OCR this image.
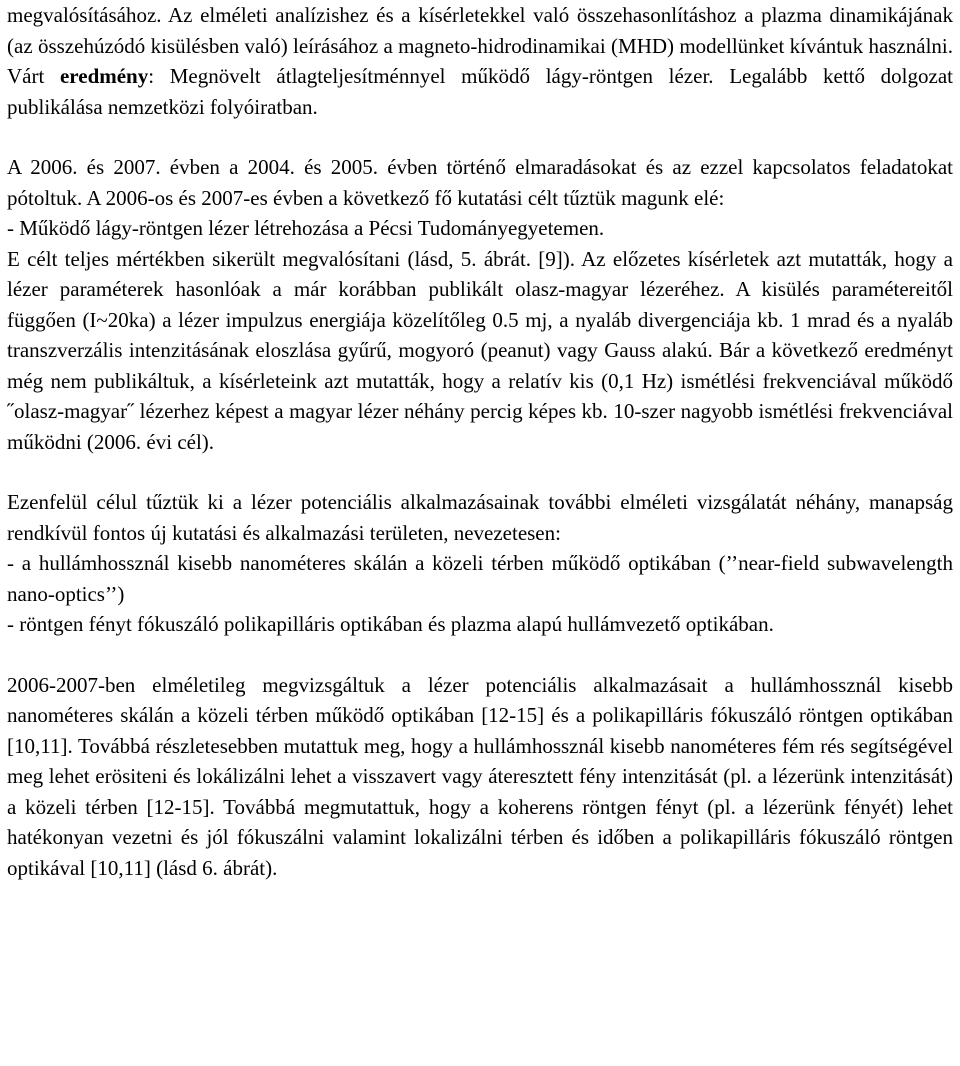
megvalósításához. Az elméleti analízishez és a kísérletekkel való összehasonlításhoz a plazma dinamikájának (az összehúzódó kisülésben való) leírásához a magneto-hidrodinamikai (MHD) modellünket kívántuk használni. Várt eredmény: Megnövelt átlagteljesítménnyel működő lágy-röntgen lézer. Legalább kettő dolgozat publikálása nemzetközi folyóiratban.

A 2006. és 2007. évben a 2004. és 2005. évben történő elmaradásokat és az ezzel kapcsolatos feladatokat pótoltuk. A 2006-os és 2007-es évben a következő fő kutatási célt tűztük magunk elé:
- Működő lágy-röntgen lézer létrehozása a Pécsi Tudományegyetemen.
E célt teljes mértékben sikerült megvalósítani (lásd, 5. ábrát. [9]). Az előzetes kísérletek azt mutatták, hogy a lézer paraméterek hasonlóak a már korábban publikált olasz-magyar lézeréhez. A kisülés paramétereitől függően (I~20ka) a lézer impulzus energiája közelítőleg 0.5 mj, a nyaláb divergenciája kb. 1 mrad és a nyaláb transzverzális intenzitásának eloszlása gyűrű, mogyoró (peanut) vagy Gauss alakú. Bár a következő eredményt még nem publikáltuk, a kísérleteink azt mutatták, hogy a relatív kis (0,1 Hz) ismétlési frekvenciával működő ˝olasz-magyar˝ lézerhez képest a magyar lézer néhány percig képes kb. 10-szer nagyobb ismétlési frekvenciával működni (2006. évi cél).

Ezenfelül célul tűztük ki a lézer potenciális alkalmazásainak további elméleti vizsgálatát néhány, manapság rendkívül fontos új kutatási és alkalmazási területen, nevezetesen:
- a hullámhossznál kisebb nanométeres skálán a közeli térben működő optikában (’’near-field subwavelength nano-optics’’)
- röntgen fényt fókuszáló polikapilláris optikában és plazma alapú hullámvezető optikában.

2006-2007-ben elméletileg megvizsgáltuk a lézer potenciális alkalmazásait a hullámhossznál kisebb nanométeres skálán a közeli térben működő optikában [12-15] és a polikapilláris fókuszáló röntgen optikában [10,11]. Továbbá részletesebben mutattuk meg, hogy a hullámhossznál kisebb nanométeres fém rés segítségével meg lehet erösiteni és lokálizálni lehet a visszavert vagy áteresztett fény intenzitását (pl. a lézerünk intenzitását) a közeli térben [12-15]. Továbbá megmutattuk, hogy a koherens röntgen fényt (pl. a lézerünk fényét) lehet hatékonyan vezetni és jól fókuszálni valamint lokalizálni térben és időben a polikapilláris fókuszáló röntgen optikával [10,11] (lásd 6. ábrát).
